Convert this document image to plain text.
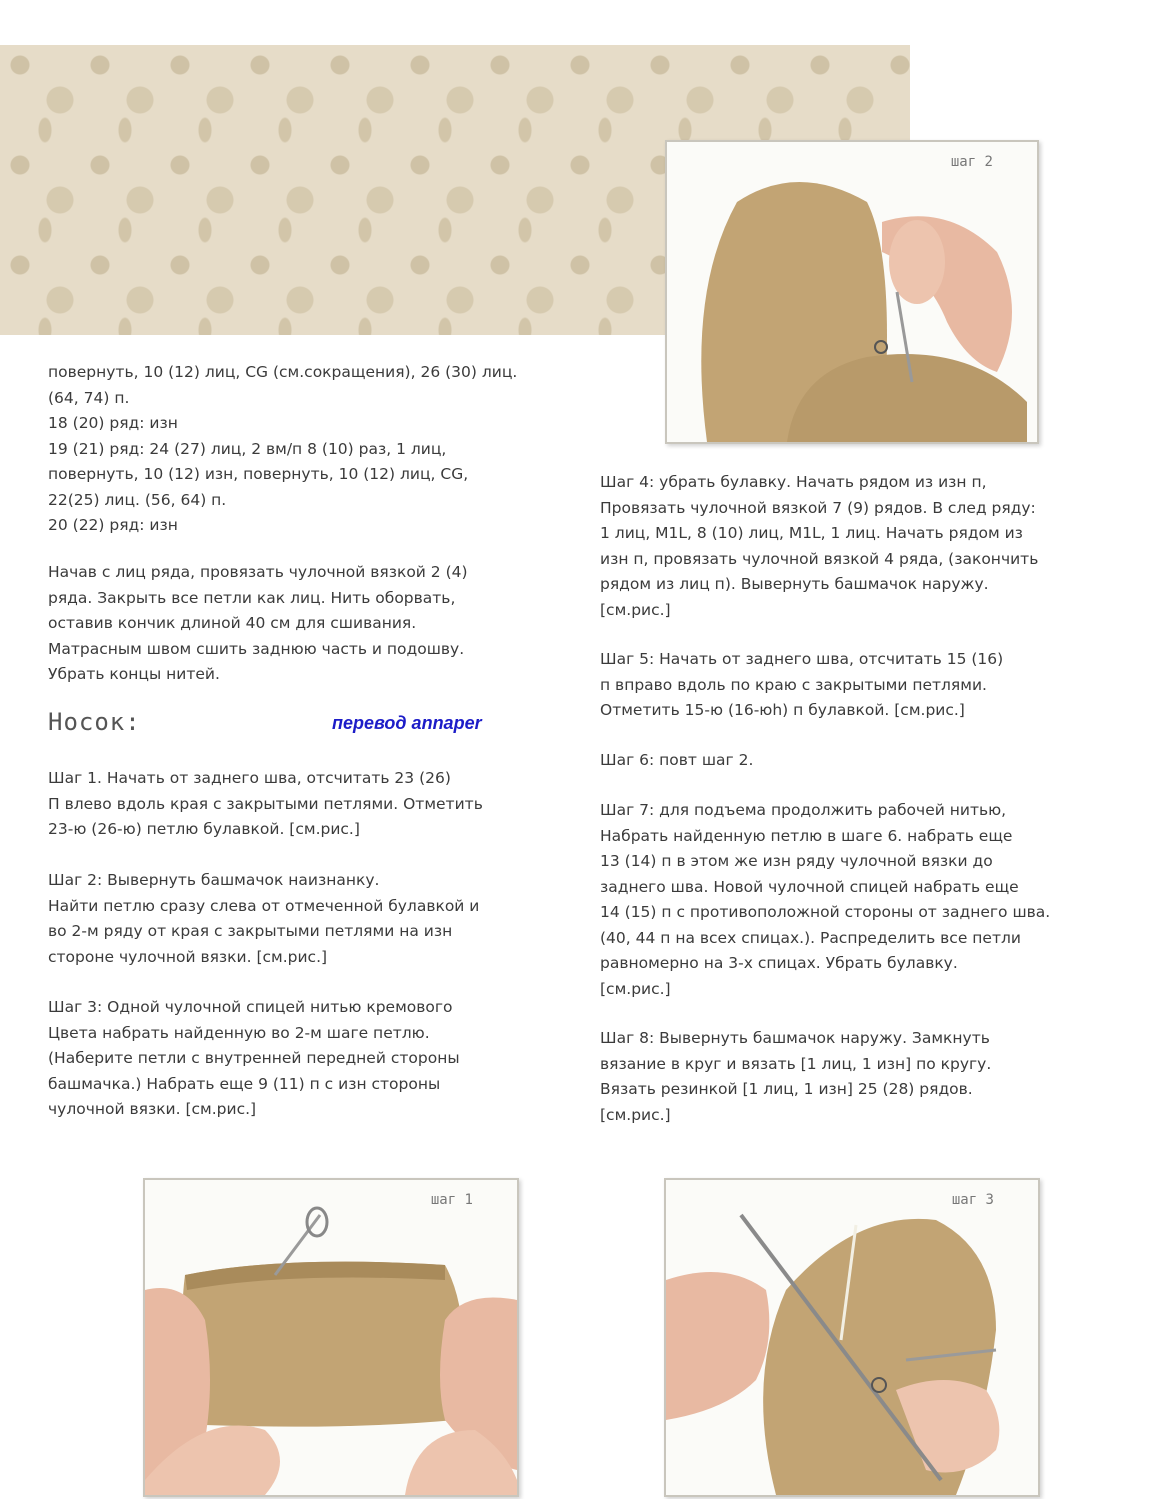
шаг 2
повернуть, 10 (12) лиц, CG (см.сокращения), 26 (30) лиц.
(64, 74) п.
18 (20) ряд: изн
19 (21) ряд: 24 (27) лиц, 2 вм/п 8 (10) раз, 1 лиц,
повернуть, 10 (12) изн, повернуть, 10 (12) лиц, CG,
22(25) лиц. (56, 64) п.
20 (22) ряд: изн
Начав с лиц ряда, провязать чулочной вязкой 2 (4)
ряда. Закрыть все петли как лиц. Нить оборвать,
оставив кончик длиной 40 см для сшивания.
Матрасным швом сшить заднюю часть и подошву.
Убрать концы нитей.
Носок:	перевод annaper
Шаг 1. Начать от заднего шва, отсчитать 23 (26)
П влево вдоль края с закрытыми петлями. Отметить
23-ю (26-ю) петлю булавкой. [см.рис.]
Шаг 2: Вывернуть башмачок наизнанку.
Найти петлю сразу слева от отмеченной булавкой и
во 2-м ряду от края с закрытыми петлями на изн
стороне чулочной вязки. [см.рис.]
Шаг 3: Одной чулочной спицей нитью кремового
Цвета набрать найденную во 2-м шаге петлю.
(Наберите петли с внутренней передней стороны
башмачка.) Набрать еще 9 (11) п с изн стороны
чулочной вязки. [см.рис.]
Шаг 4: убрать булавку. Начать рядом из изн п,
Провязать чулочной вязкой 7 (9) рядов. В след ряду:
1 лиц, M1L, 8 (10) лиц, M1L, 1 лиц. Начать рядом из
изн п, провязать чулочной вязкой 4 ряда, (закончить
рядом из лиц п). Вывернуть башмачок наружу.
[см.рис.]
Шаг 5: Начать от заднего шва, отсчитать 15 (16)
п вправо вдоль по краю с закрытыми петлями.
Отметить 15-ю (16-юh) п булавкой. [см.рис.]
Шаг 6: повт шаг 2.
Шаг 7: для подъема продолжить рабочей нитью,
Набрать найденную петлю в шаге 6. набрать еще
13 (14) п в этом же изн ряду чулочной вязки до
заднего шва. Новой чулочной спицей набрать еще
14 (15) п с противоположной стороны от заднего шва.
(40, 44 п на всех спицах.). Распределить все петли
равномерно на 3-х спицах. Убрать булавку.
[см.рис.]
Шаг 8: Вывернуть башмачок наружу. Замкнуть
вязание в круг и вязать [1 лиц, 1 изн] по кругу.
Вязать резинкой [1 лиц, 1 изн] 25 (28) рядов.
[см.рис.]
шаг 1	шаг 3
